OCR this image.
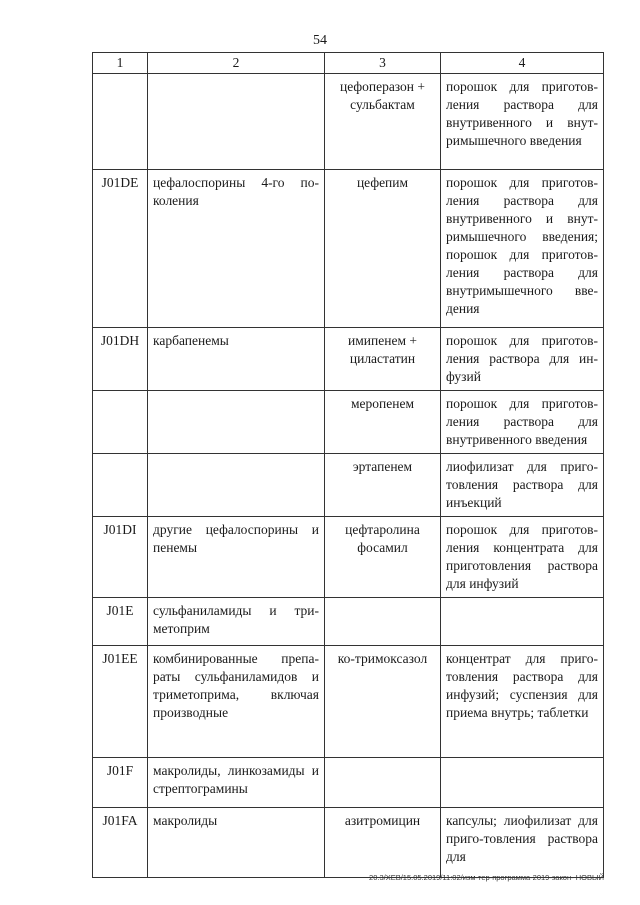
54
1	2	3	4
		цефоперазон + сульбактам	порошок для приготов-ления раствора для внутривенного и внут-римышечного введения
J01DE	цефалоспорины 4-го по-коления	цефепим	порошок для приготов-ления раствора для внутривенного и внут-римышечного введения; порошок для приготов-ления раствора для внутримышечного вве-дения
J01DH	карбапенемы	имипенем + циластатин	порошок для приготов-ления раствора для ин-фузий
		меропенем	порошок для приготов-ления раствора для внутривенного введения
		эртапенем	лиофилизат для приго-товления раствора для инъекций
J01DI	другие цефалоспорины и пенемы	цефтаролина фосамил	порошок для приготов-ления концентрата для приготовления раствора для инфузий
J01E	сульфаниламиды и три-метоприм		
J01EE	комбинированные препа-раты сульфаниламидов и триметоприма, включая производные	ко-тримоксазол	концентрат для приго-товления раствора для инфузий; суспензия для приема внутрь; таблетки
J01F	макролиды, линкозамиды и стрептограмины		
J01FA	макролиды	азитромицин	капсулы; лиофилизат для приго-товления раствора для
20.3/ХЕВ/15.05.2019/11:02/изм-тер-программа-2019-закон- НОВЫЙ
